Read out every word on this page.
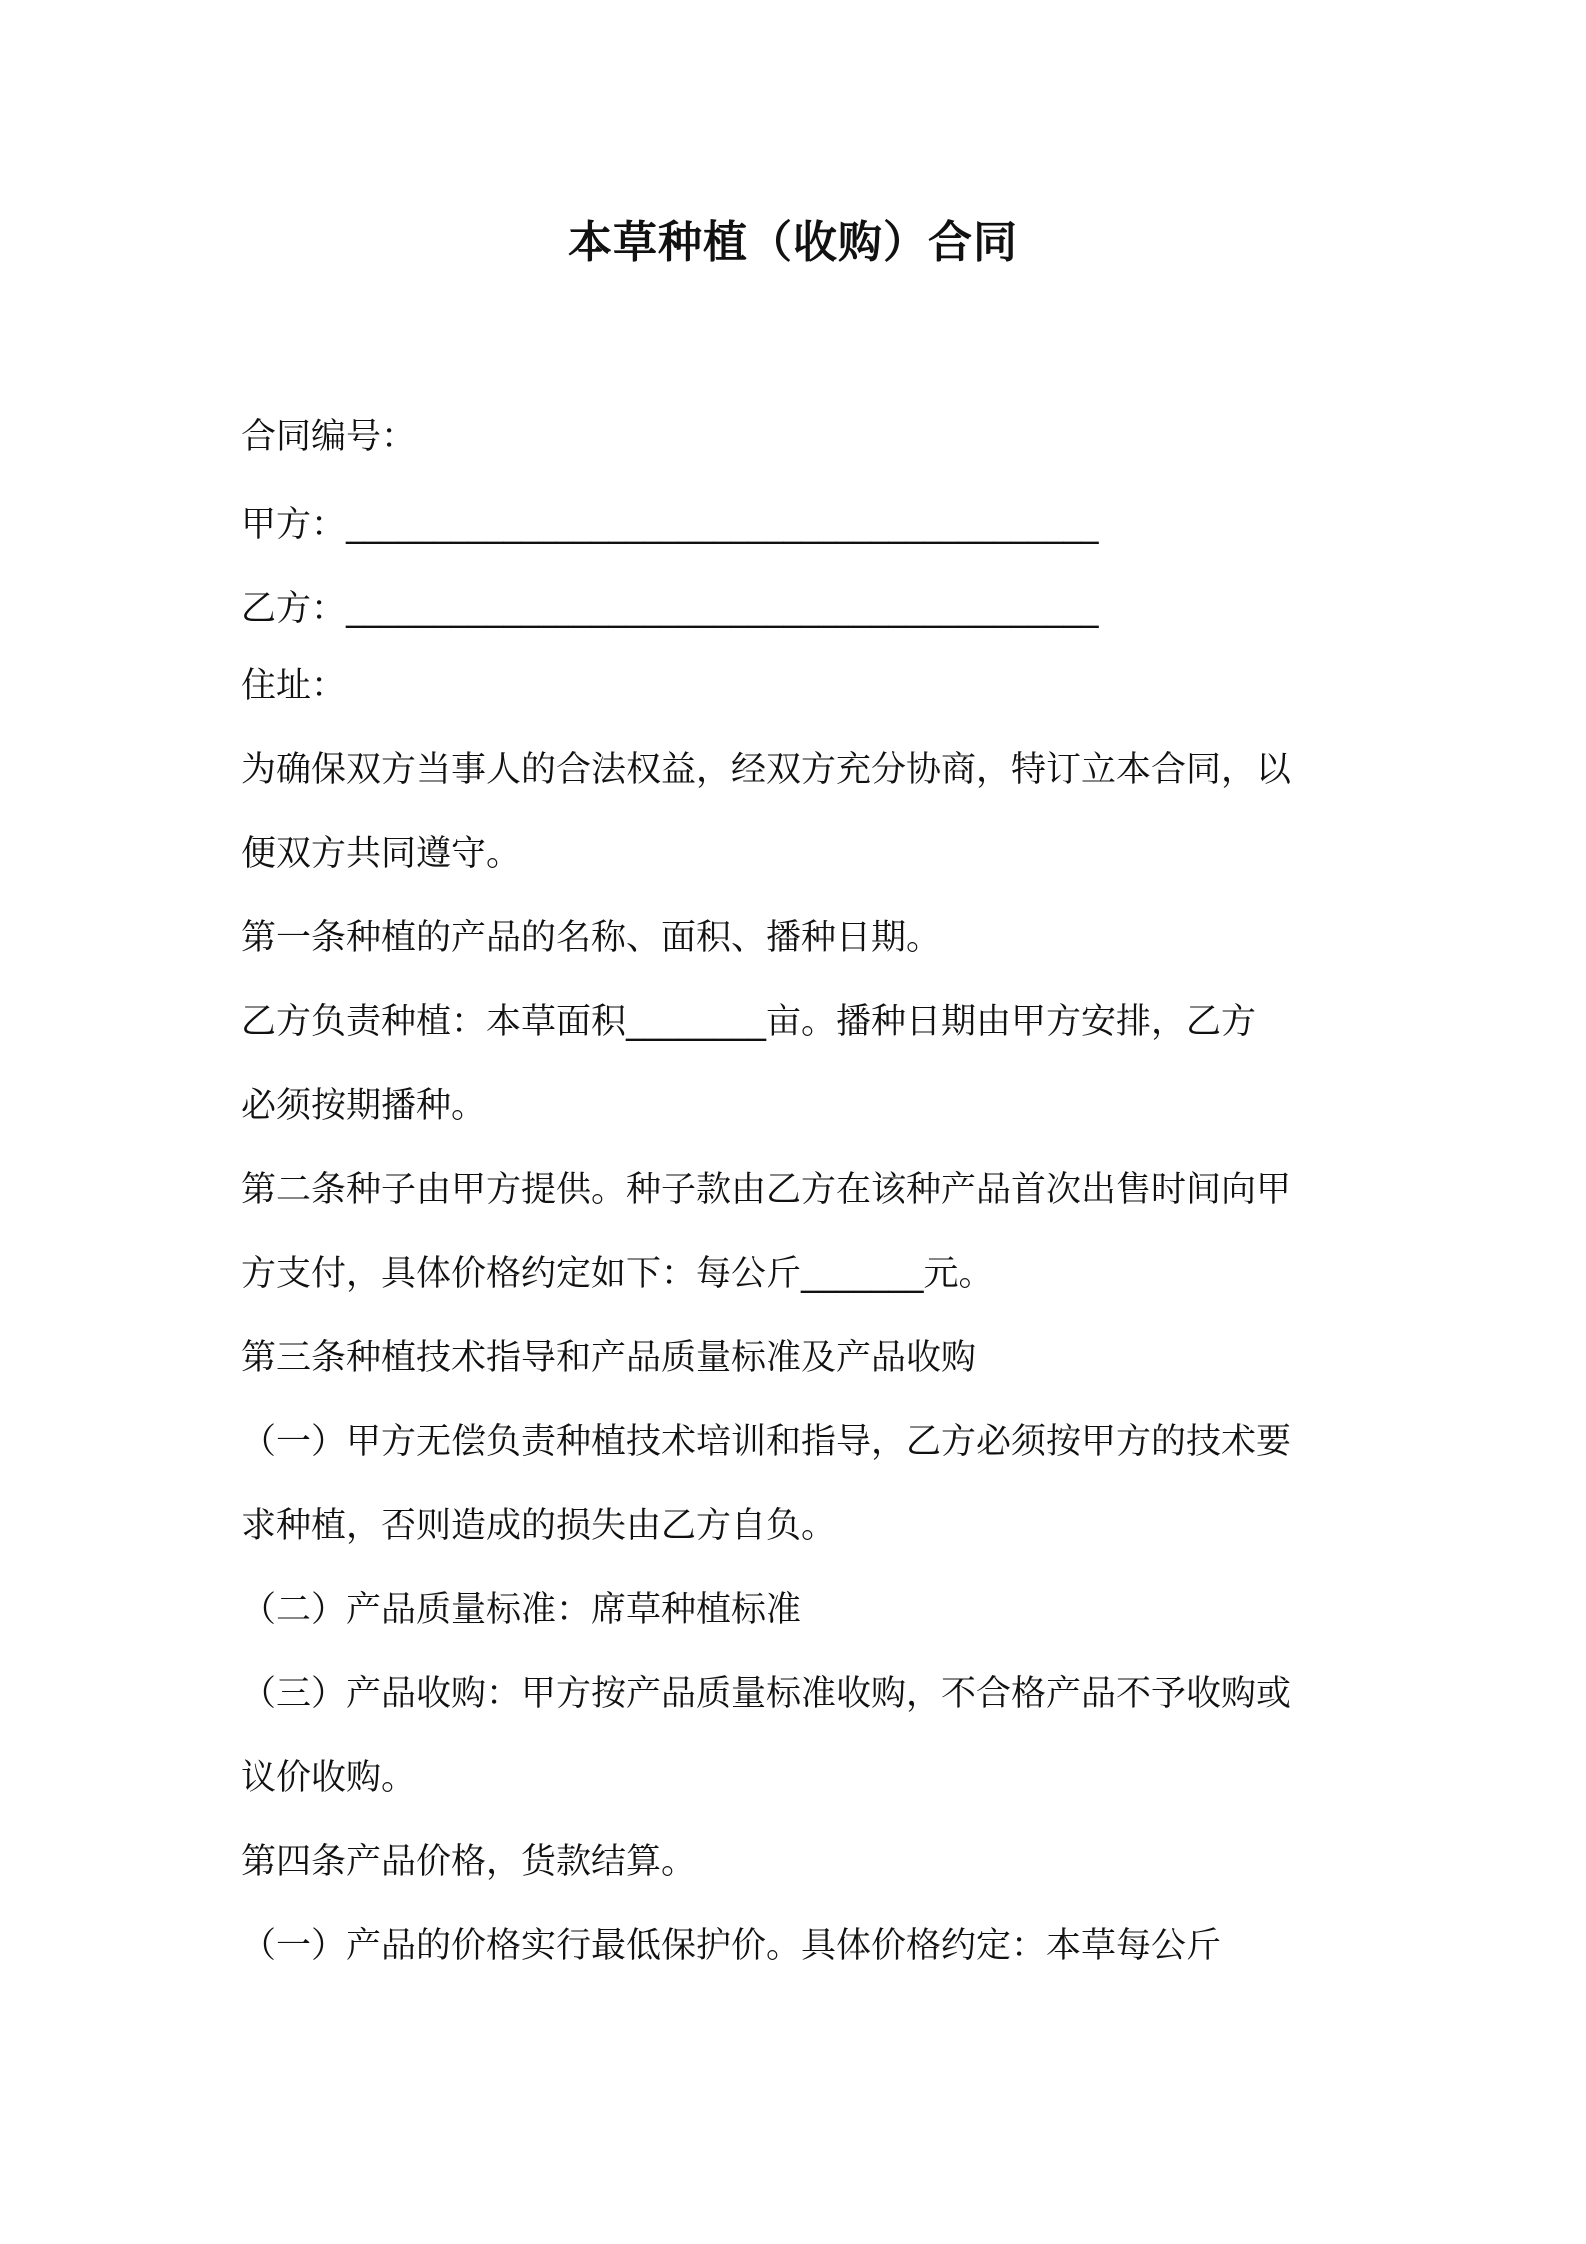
本草种植（收购）合同
合同编号：
甲方：___________________________________________
乙方：___________________________________________
住址：
为确保双方当事人的合法权益，经双方充分协商，特订立本合同，以
便双方共同遵守。
第一条种植的产品的名称、面积、播种日期。
乙方负责种植：本草面积________亩。播种日期由甲方安排，乙方
必须按期播种。
第二条种子由甲方提供。种子款由乙方在该种产品首次出售时间向甲
方支付，具体价格约定如下：每公斤_______元。
第三条种植技术指导和产品质量标准及产品收购
（一）甲方无偿负责种植技术培训和指导，乙方必须按甲方的技术要
求种植，否则造成的损失由乙方自负。
（二）产品质量标准：席草种植标准
（三）产品收购：甲方按产品质量标准收购，不合格产品不予收购或
议价收购。
第四条产品价格，货款结算。
（一）产品的价格实行最低保护价。具体价格约定：本草每公斤
